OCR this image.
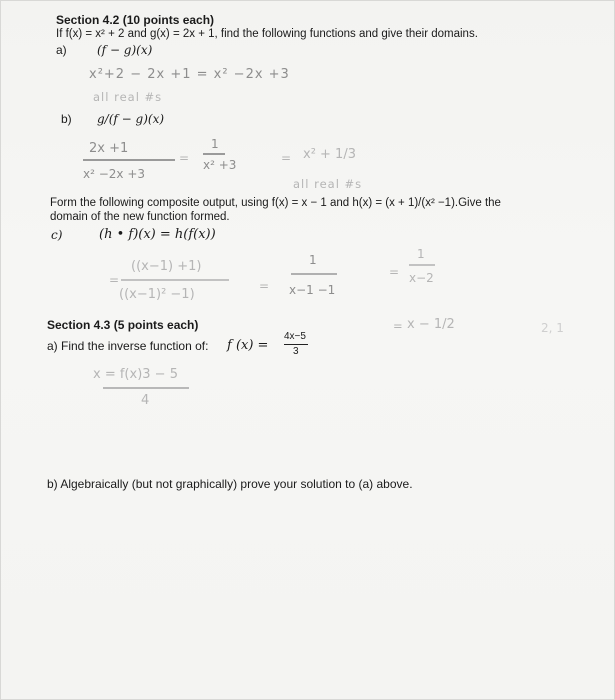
Section 4.2 (10 points each)
If f(x) = x² + 2 and g(x) = 2x + 1, find the following functions and give their domains.
a)	(f − g)(x)
x²+2 − 2x +1 = x² −2x +3
all real #s
b) g/(f − g)(x)
2x +1
x² −2x +3
=
1
x² +3	= x² + 1/3
all real #s
Form the following composite output, using f(x) = x − 1 and h(x) = (x + 1)/(x² −1).Give the
domain of the new function formed.
c)	(h • f)(x) = h(f(x))
=
((x−1) +1)
((x−1)² −1)
=
1
x−1 −1
=
1
x−2
= x − 1/2	2, 1
Section 4.3 (5 points each)
a) Find the inverse function of: f (x) =
4x−5
3
x = f(x)3 − 5
4
b) Algebraically (but not graphically) prove your solution to (a) above.
